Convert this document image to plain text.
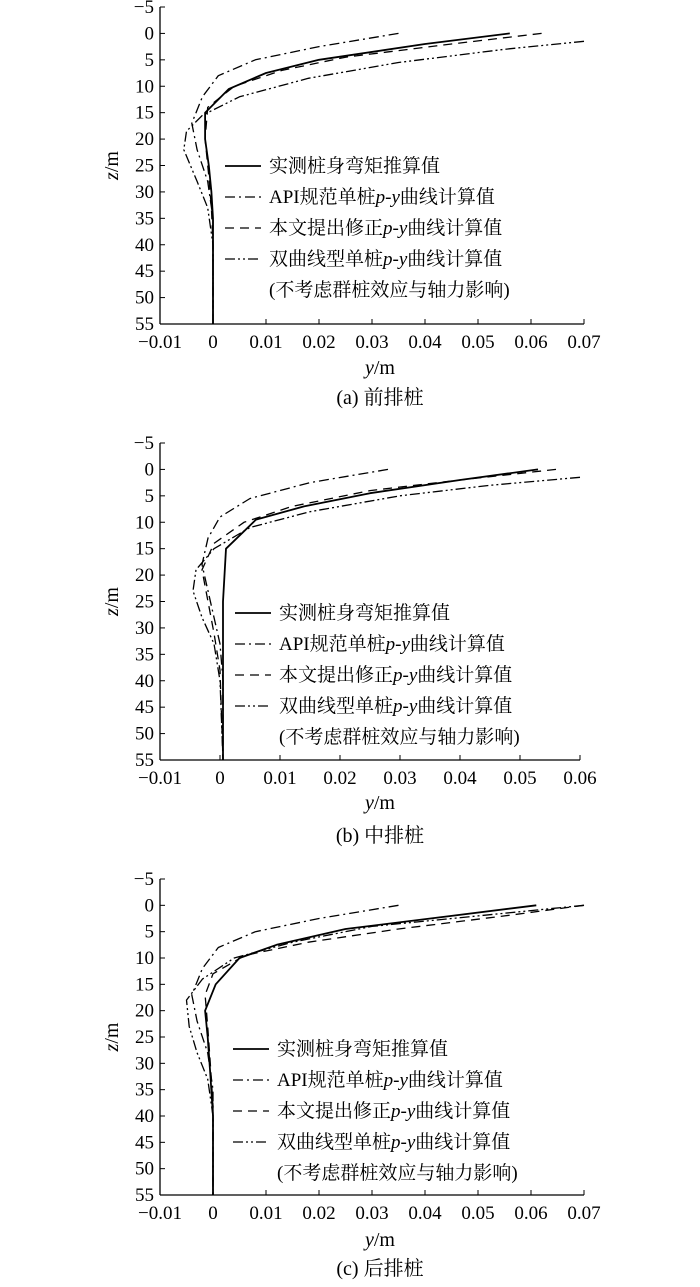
−5
0
5
10
15
20
25
30
35
40
45
50
55
−0.01 0 0.01 0.02 0.03 0.04 0.05 0.06 0.07
z/m
y/m
实测桩身弯矩推算值
API规范单桩p-y曲线计算值
本文提出修正p-y曲线计算值
双曲线型单桩p-y曲线计算值
(不考虑群桩效应与轴力影响)
(a) 前排桩
−5
0
5
10
15
20
25
30
35
40
45
50
55
−0.01 0 0.01 0.02 0.03 0.04 0.05 0.06
z/m
y/m
实测桩身弯矩推算值
API规范单桩p-y曲线计算值
本文提出修正p-y曲线计算值
双曲线型单桩p-y曲线计算值
(不考虑群桩效应与轴力影响)
(b) 中排桩
−5
0
5
10
15
20
25
30
35
40
45
50
55
−0.01 0 0.01 0.02 0.03 0.04 0.05 0.06 0.07
z/m
y/m
实测桩身弯矩推算值
API规范单桩p-y曲线计算值
本文提出修正p-y曲线计算值
双曲线型单桩p-y曲线计算值
(不考虑群桩效应与轴力影响)
(c) 后排桩
